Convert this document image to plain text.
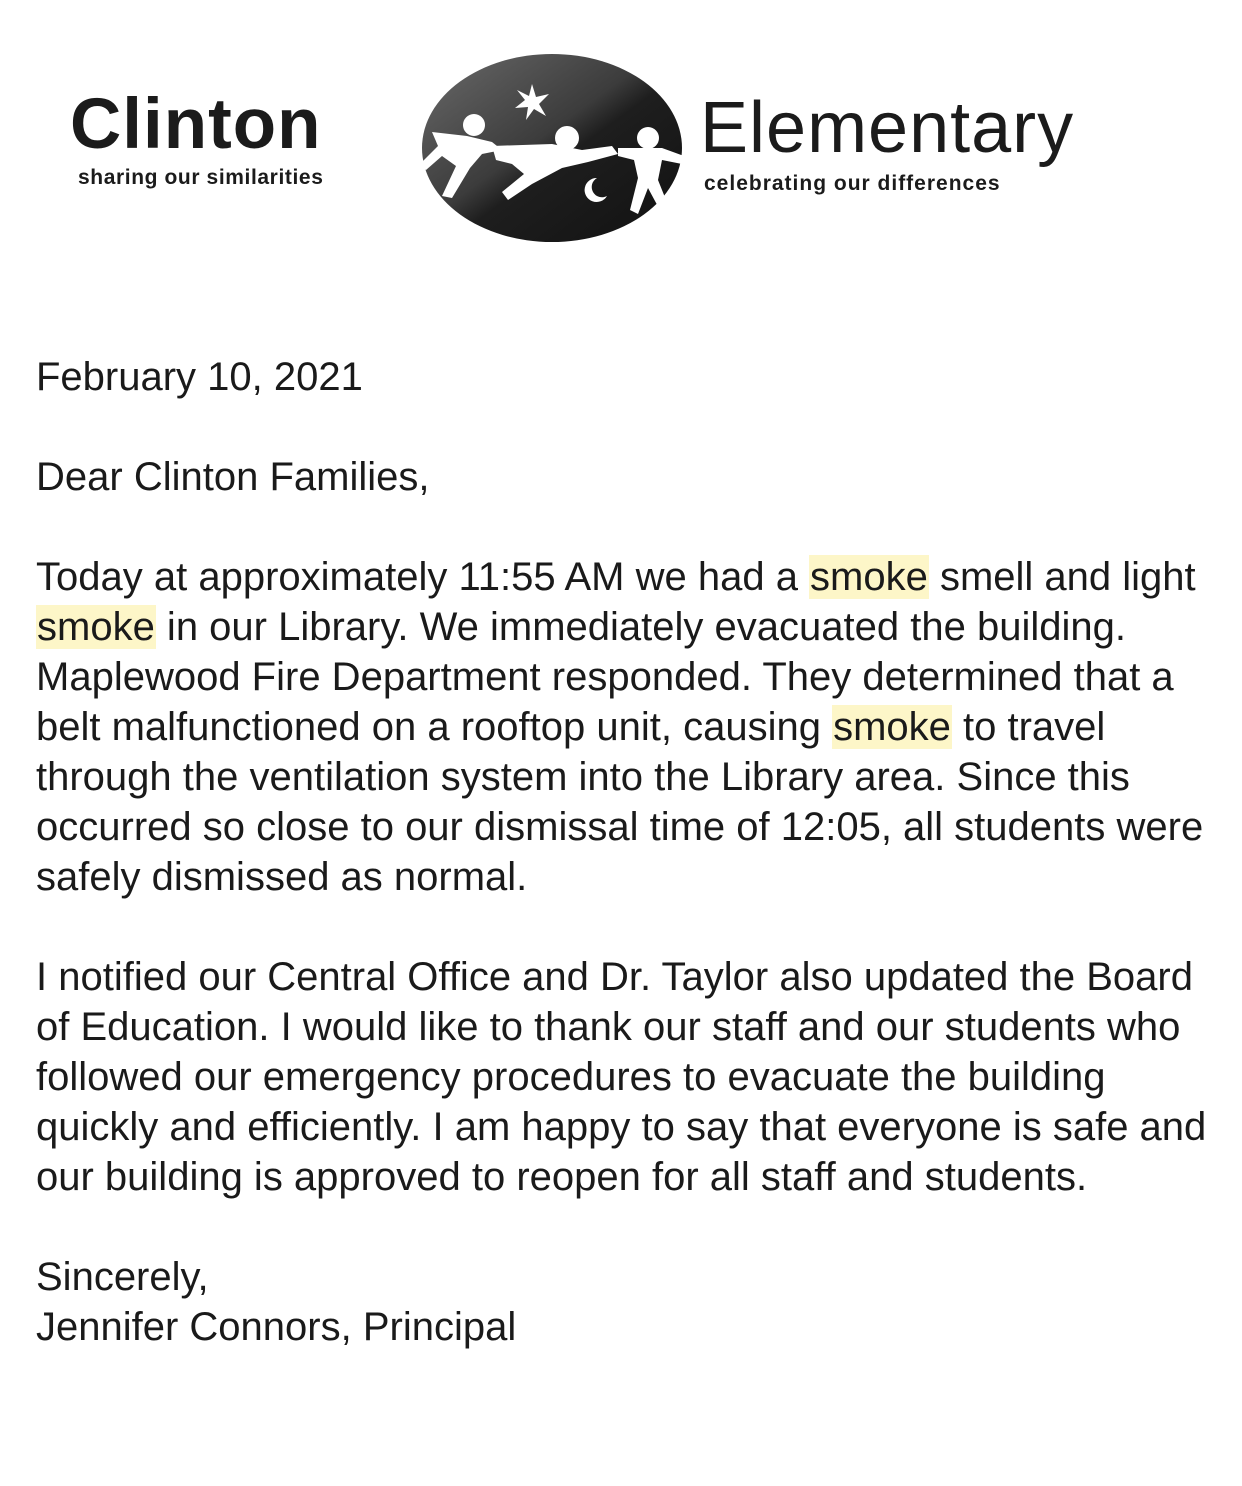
Clinton
sharing our similarities
Elementary
celebrating our differences

February 10, 2021

Dear Clinton Families,

Today at approximately 11:55 AM we had a smoke smell and light smoke in our Library. We immediately evacuated the building. Maplewood Fire Department responded. They determined that a belt malfunctioned on a rooftop unit, causing smoke to travel through the ventilation system into the Library area. Since this occurred so close to our dismissal time of 12:05, all students were safely dismissed as normal.

I notified our Central Office and Dr. Taylor also updated the Board of Education. I would like to thank our staff and our students who followed our emergency procedures to evacuate the building quickly and efficiently. I am happy to say that everyone is safe and our building is approved to reopen for all staff and students.

Sincerely,

Jennifer Connors, Principal
